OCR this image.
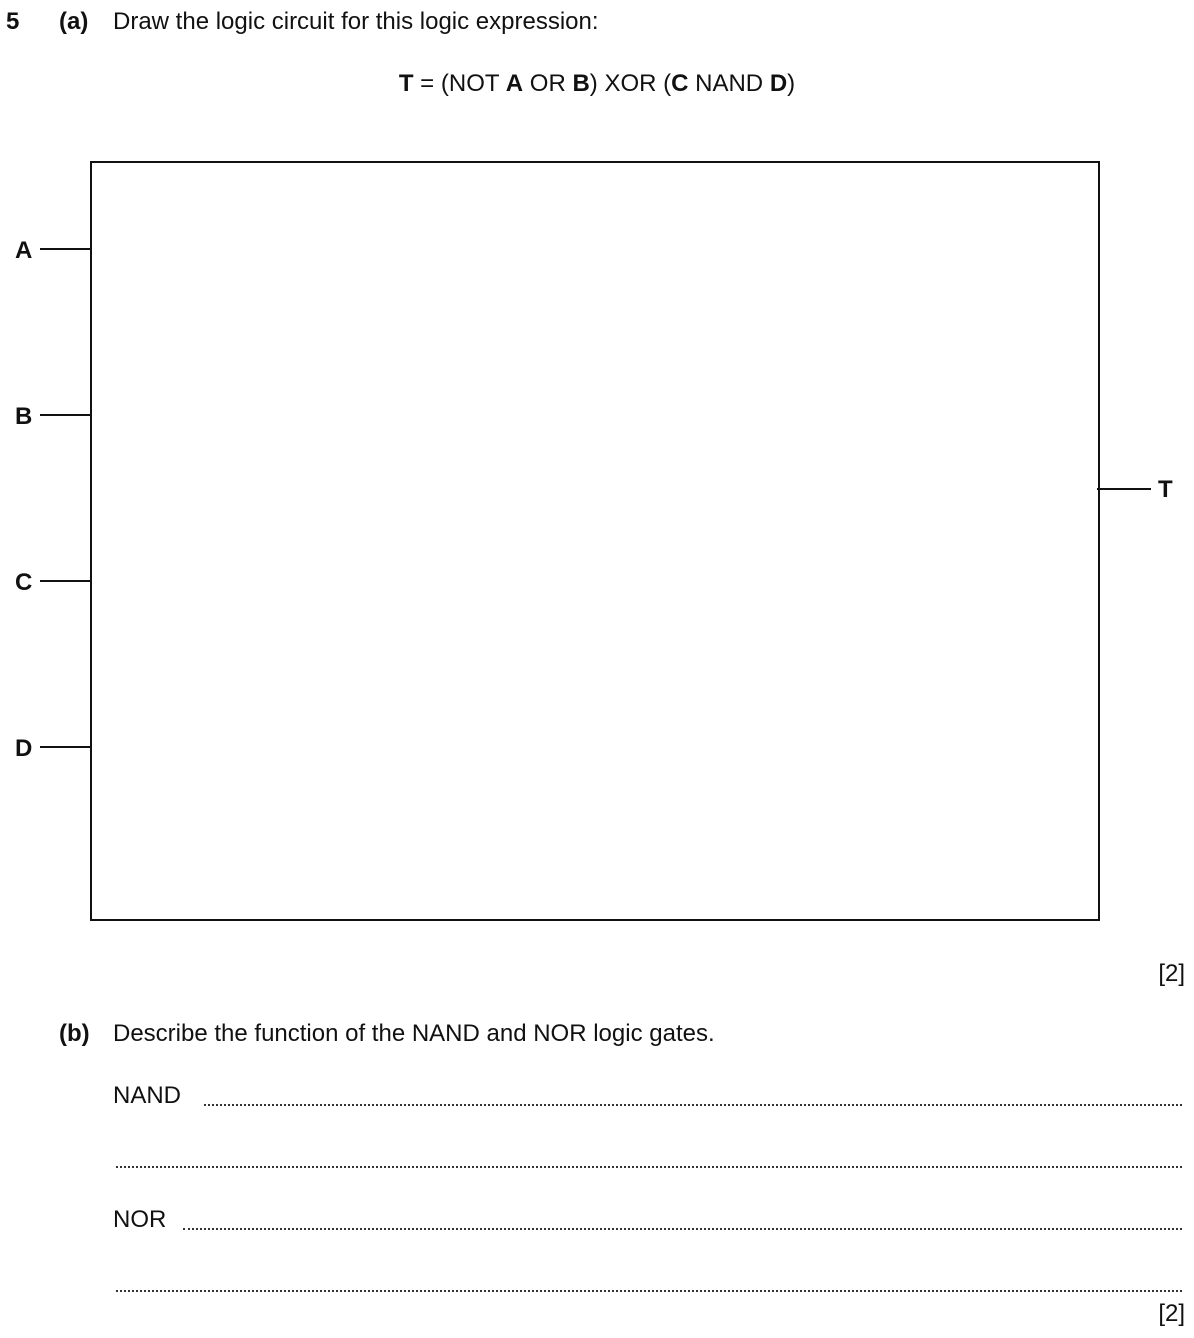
5 (a) Draw the logic circuit for this logic expression:
T = (NOT A OR B) XOR (C NAND D)
A
B
C
D
T
[2]
(b) Describe the function of the NAND and NOR logic gates.
NAND
NOR
[2]
